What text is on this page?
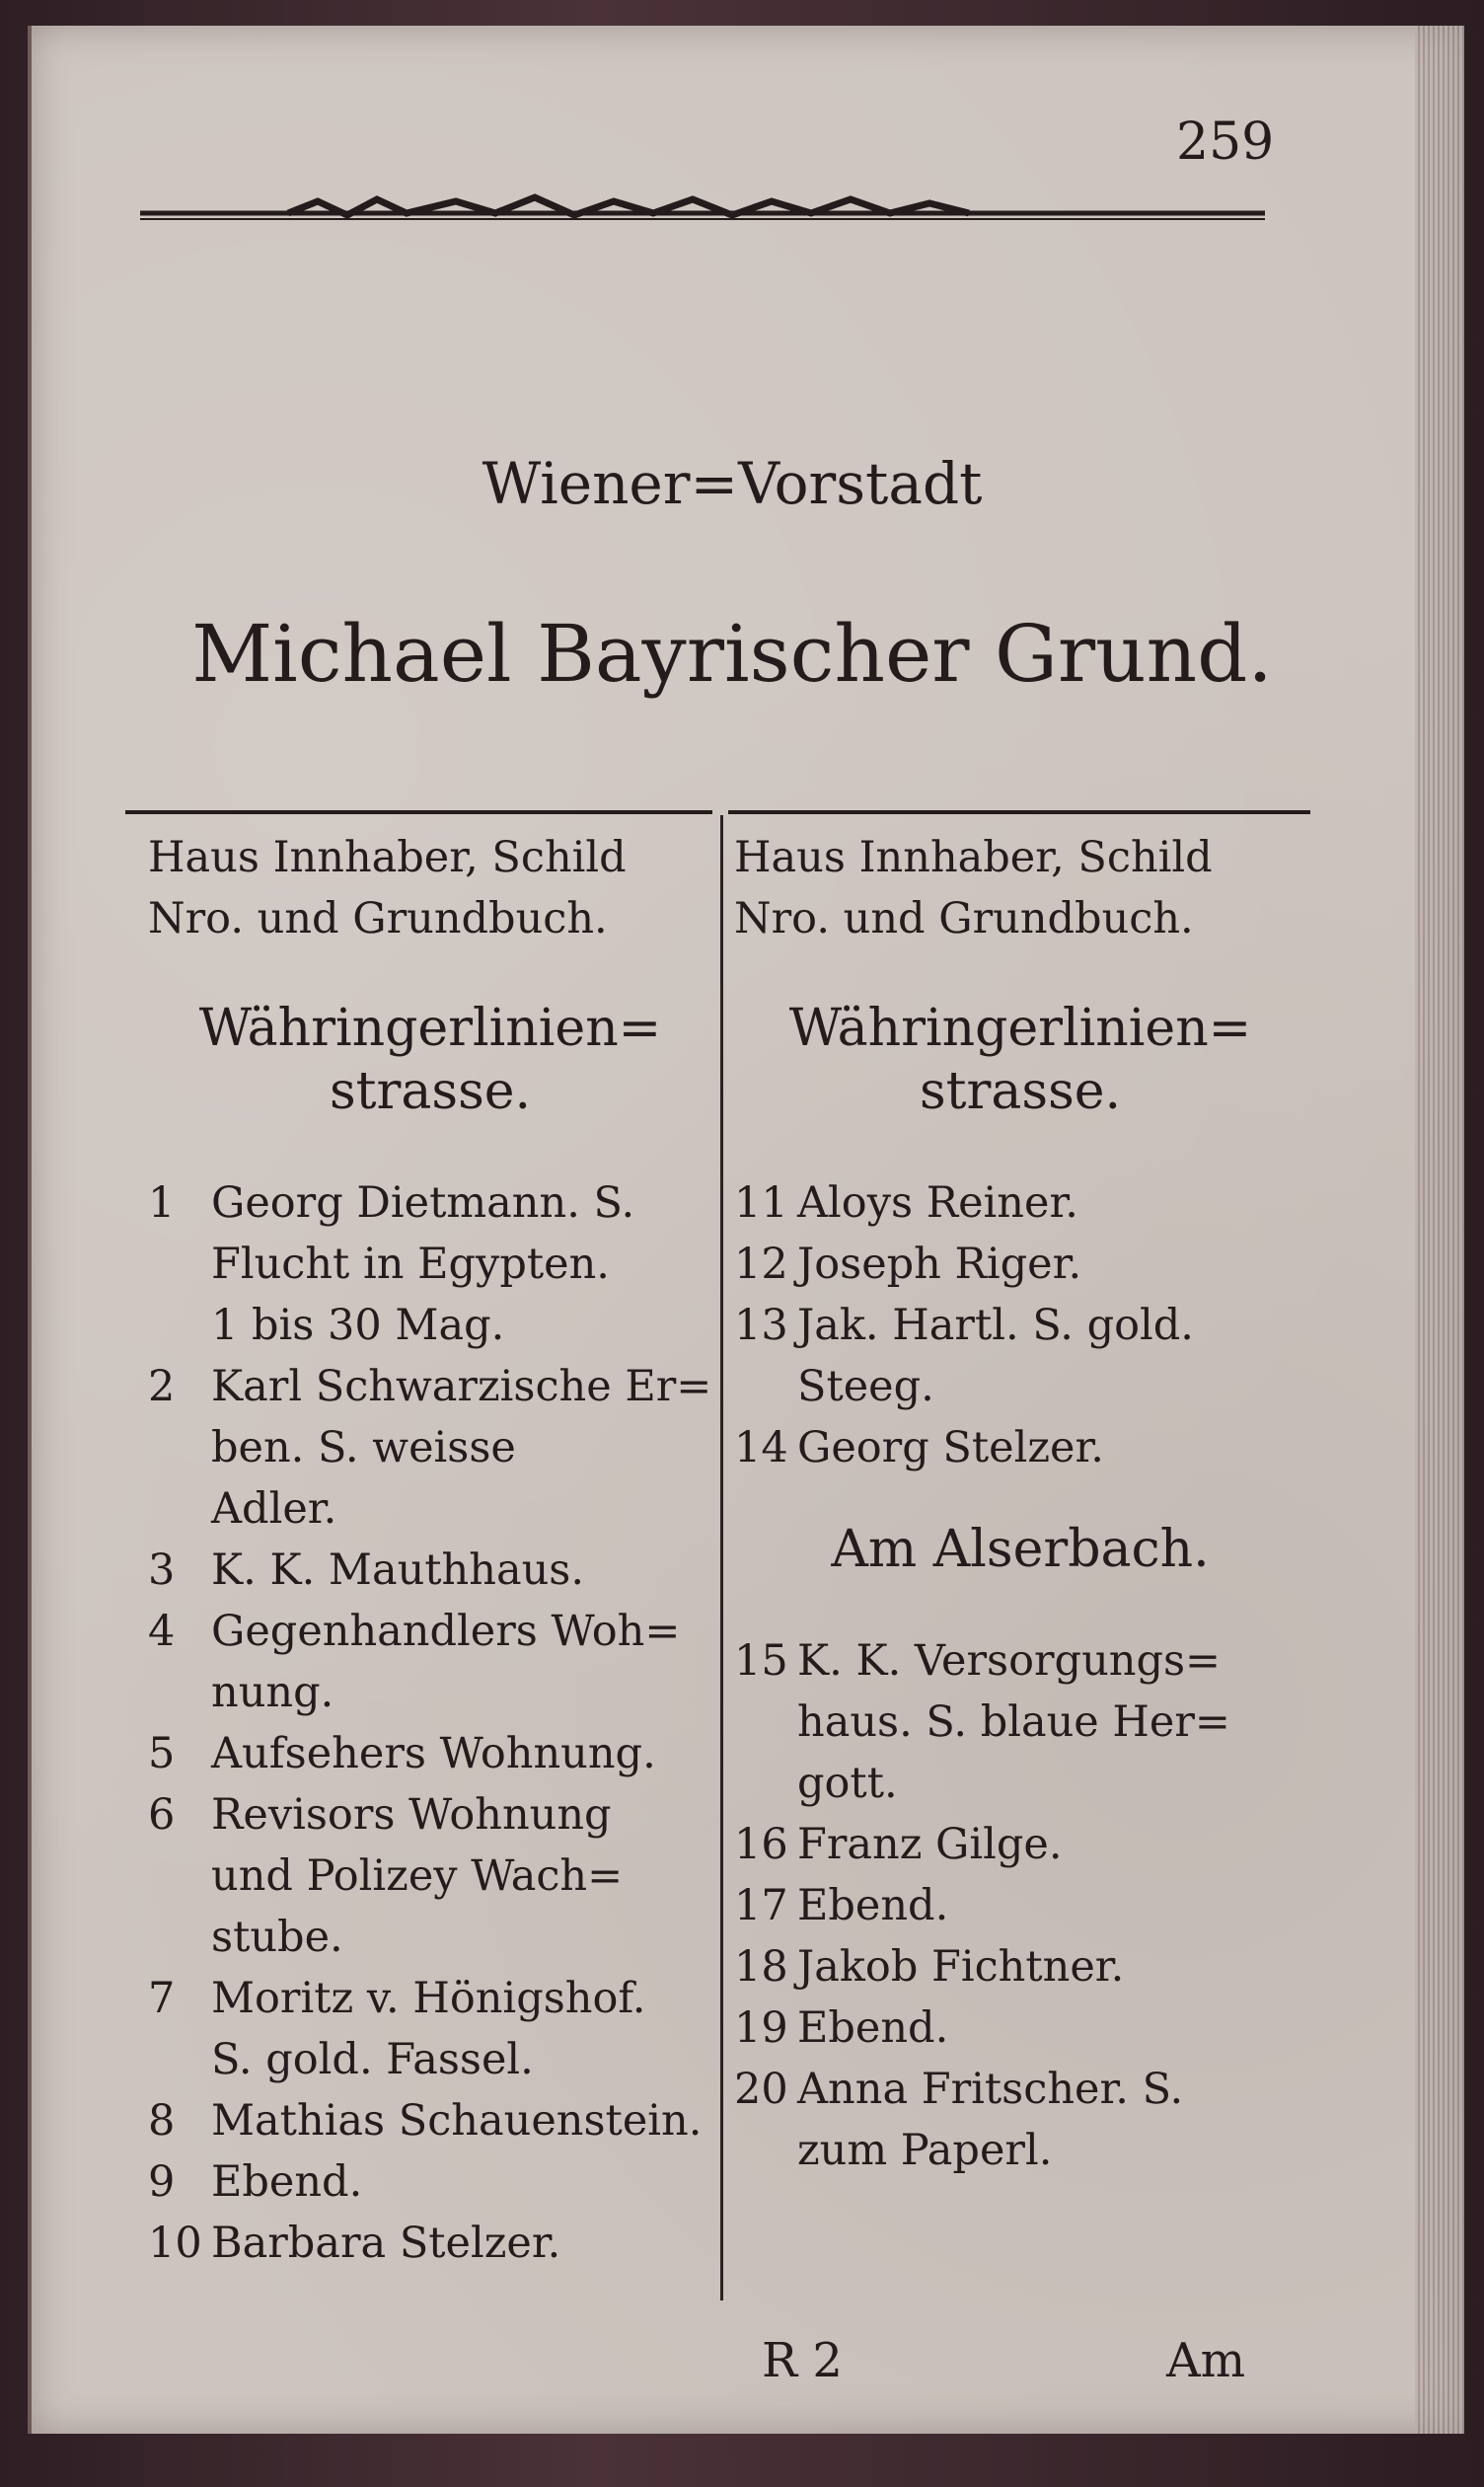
259
Wiener=Vorstadt
Michael Bayrischer Grund.
Haus Innhaber, Schild
Nro. und Grundbuch.
Währingerlinien=
strasse.
1 Georg Dietmann. S.
Flucht in Egypten.
1 bis 30 Mag.
2 Karl Schwarzische Er=
ben. S. weisse
Adler.
3 K. K. Mauthhaus.
4 Gegenhandlers Woh=
nung.
5 Aufsehers Wohnung.
6 Revisors Wohnung
und Polizey Wach=
stube.
7 Moritz v. Hönigshof.
S. gold. Fassel.
8 Mathias Schauenstein.
9 Ebend.
10 Barbara Stelzer.
Haus Innhaber, Schild
Nro. und Grundbuch.
Währingerlinien=
strasse.
11 Aloys Reiner.
12 Joseph Riger.
13 Jak. Hartl. S. gold.
Steeg.
14 Georg Stelzer.
Am Alserbach.
15 K. K. Versorgungs=
haus. S. blaue Her=
gott.
16 Franz Gilge.
17 Ebend.
18 Jakob Fichtner.
19 Ebend.
20 Anna Fritscher. S.
zum Paperl.
R 2	Am
